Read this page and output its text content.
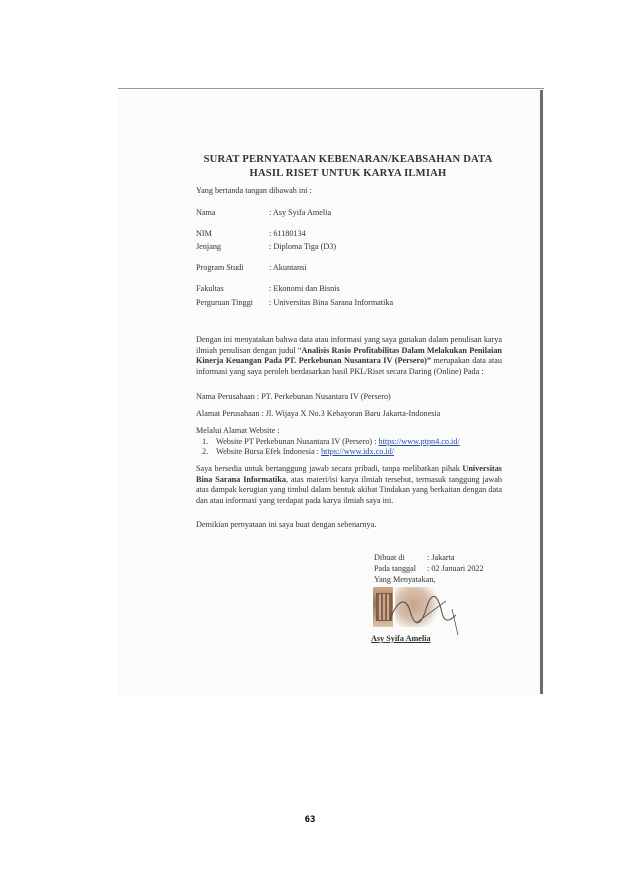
SURAT PERNYATAAN KEBENARAN/KEABSAHAN DATA
HASIL RISET UNTUK KARYA ILMIAH
Yang bertanda tangan dibawah ini :
Nama	: Asy Syifa Amelia
NIM	: 61180134
Jenjang	: Diploma Tiga (D3)
Program Studi	: Akuntansi
Fakultas	: Ekonomi dan Bisnis
Perguruan Tinggi : Universitas Bina Sarana Informatika
Dengan ini menyatakan bahwa data atau informasi yang saya gunakan dalam penulisan karya ilmiah penulisan dengan judul “Analisis Rasio Profitabilitas Dalam Melakukan Penilaian Kinerja Keuangan Pada PT. Perkebunan Nusantara IV (Persero)” merupakan data atau informasi yang saya peroleh berdasarkan hasil PKL/Riset secara Daring (Online) Pada :
Nama Perusahaan : PT. Perkebunan Nusantara IV (Persero)
Alamat Perusahaan : Jl. Wijaya X No.3 Kebayoran Baru Jakarta-Indonesia
Melalui Alamat Website :
1. Website PT Perkebunan Nusantara IV (Persero) : https://www.ptpn4.co.id/
2. Website Bursa Efek Indonesia : https://www.idx.co.id/
Saya bersedia untuk bertanggung jawab secara pribadi, tanpa melibatkan pihak Universitas Bina Sarana Informatika, atas materi/isi karya ilmiah tersebut, termasuk tanggung jawab atas dampak kerugian yang timbul dalam bentuk akibat Tindakan yang berkaitan dengan data dan atau informasi yang terdapat pada karya ilmiah saya ini.
Demikian pernyataan ini saya buat dengan sebenarnya.
Dibuat di	: Jakarta
Pada tanggal : 02 Januari 2022
Yang Menyatakan,
Asy Syifa Amelia
63
